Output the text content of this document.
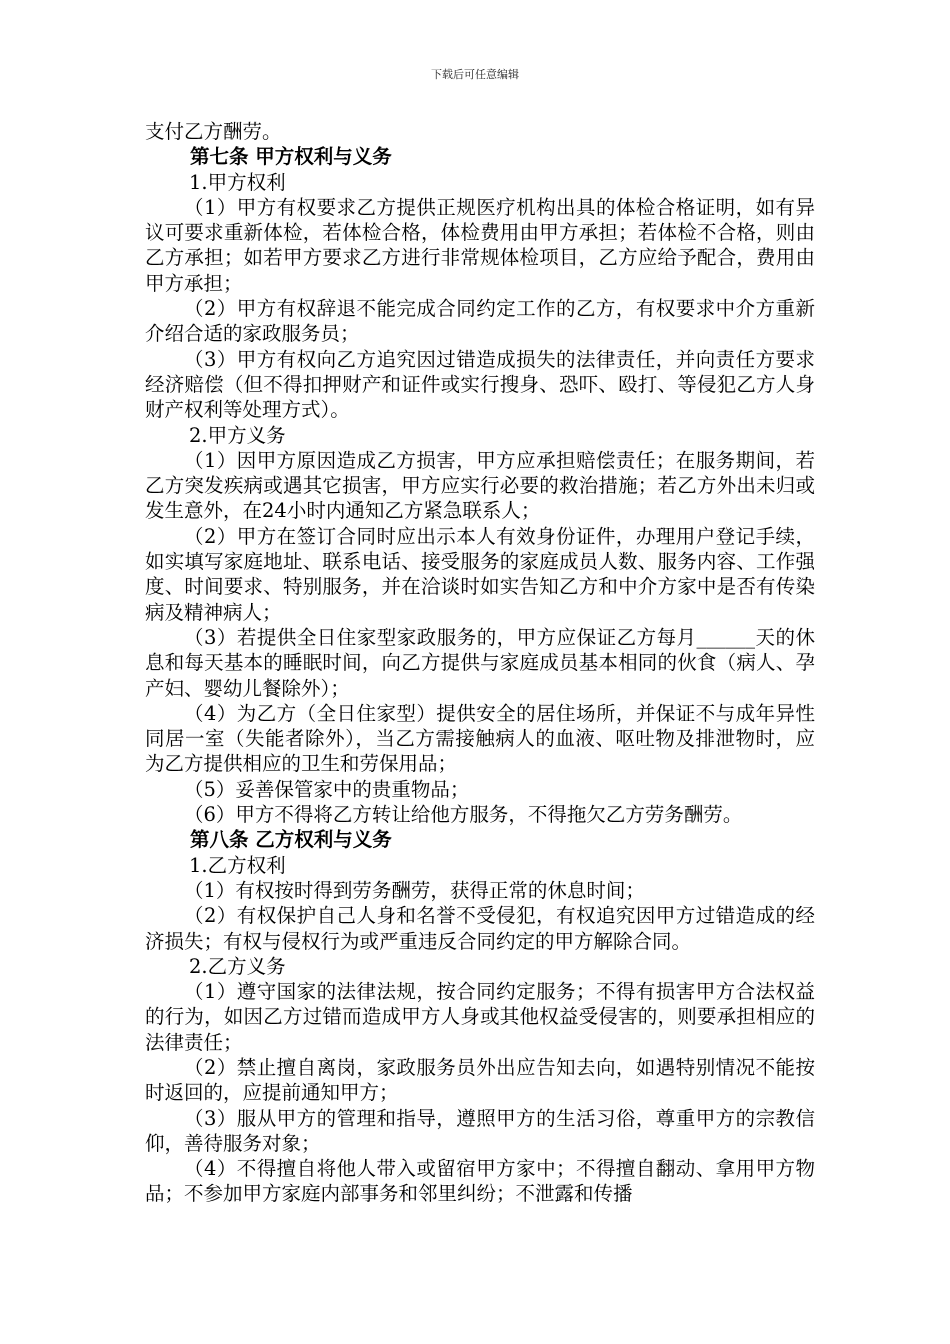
下载后可任意编辑

支付乙方酬劳。

第七条 甲方权利与义务

1.甲方权利

（1）甲方有权要求乙方提供正规医疗机构出具的体检合格证明，如有异议可要求重新体检，若体检合格，体检费用由甲方承担；若体检不合格，则由乙方承担；如若甲方要求乙方进行非常规体检项目，乙方应给予配合，费用由甲方承担；

（2）甲方有权辞退不能完成合同约定工作的乙方，有权要求中介方重新介绍合适的家政服务员；

（3）甲方有权向乙方追究因过错造成损失的法律责任，并向责任方要求经济赔偿（但不得扣押财产和证件或实行搜身、恐吓、殴打、等侵犯乙方人身财产权利等处理方式）。

2.甲方义务

（1）因甲方原因造成乙方损害，甲方应承担赔偿责任；在服务期间，若乙方突发疾病或遇其它损害，甲方应实行必要的救治措施；若乙方外出未归或发生意外，在24小时内通知乙方紧急联系人；

（2）甲方在签订合同时应出示本人有效身份证件，办理用户登记手续，如实填写家庭地址、联系电话、接受服务的家庭成员人数、服务内容、工作强度、时间要求、特别服务，并在洽谈时如实告知乙方和中介方家中是否有传染病及精神病人；

（3）若提供全日住家型家政服务的，甲方应保证乙方每月______天的休息和每天基本的睡眠时间，向乙方提供与家庭成员基本相同的伙食（病人、孕产妇、婴幼儿餐除外）；

（4）为乙方（全日住家型）提供安全的居住场所，并保证不与成年异性同居一室（失能者除外），当乙方需接触病人的血液、呕吐物及排泄物时，应为乙方提供相应的卫生和劳保用品；

（5）妥善保管家中的贵重物品；

（6）甲方不得将乙方转让给他方服务，不得拖欠乙方劳务酬劳。

第八条 乙方权利与义务

1.乙方权利

（1）有权按时得到劳务酬劳，获得正常的休息时间；

（2）有权保护自己人身和名誉不受侵犯，有权追究因甲方过错造成的经济损失；有权与侵权行为或严重违反合同约定的甲方解除合同。

2.乙方义务

（1）遵守国家的法律法规，按合同约定服务；不得有损害甲方合法权益的行为，如因乙方过错而造成甲方人身或其他权益受侵害的，则要承担相应的法律责任；

（2）禁止擅自离岗，家政服务员外出应告知去向，如遇特别情况不能按时返回的，应提前通知甲方；

（3）服从甲方的管理和指导，遵照甲方的生活习俗，尊重甲方的宗教信仰，善待服务对象；

（4）不得擅自将他人带入或留宿甲方家中；不得擅自翻动、拿用甲方物品；不参加甲方家庭内部事务和邻里纠纷；不泄露和传播
